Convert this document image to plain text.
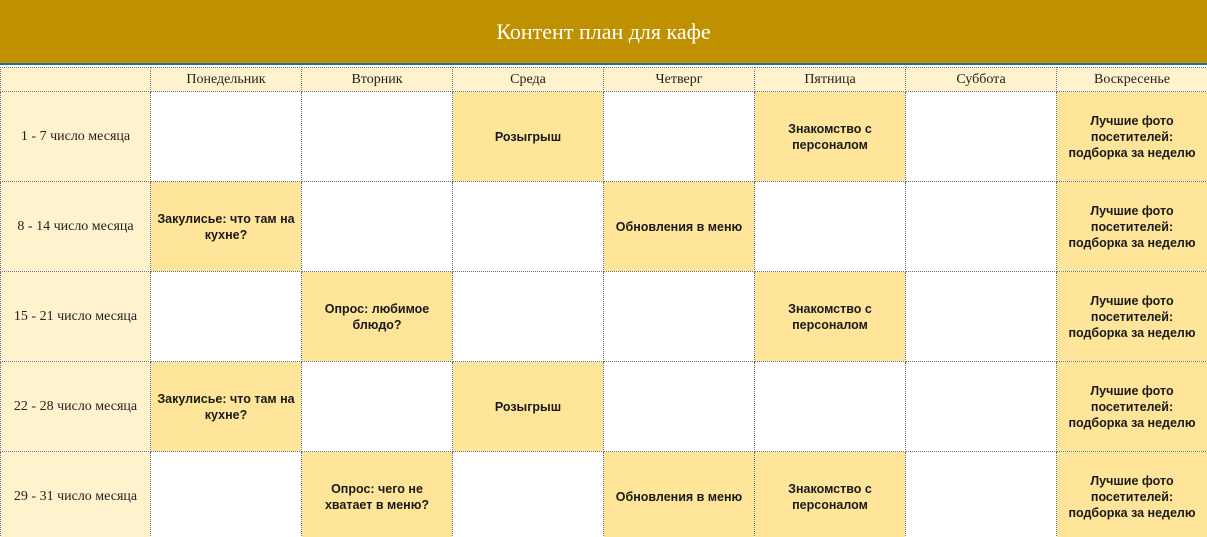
Контент план для кафе
	Понедельник	Вторник	Среда	Четверг	Пятница	Суббота	Воскресенье
1 - 7 число месяца			Розыгрыш		Знакомство с персоналом		Лучшие фото посетителей: подборка за неделю
8 - 14 число месяца	Закулисье: что там на кухне?			Обновления в меню			Лучшие фото посетителей: подборка за неделю
15 - 21 число месяца		Опрос: любимое блюдо?			Знакомство с персоналом		Лучшие фото посетителей: подборка за неделю
22 - 28 число месяца	Закулисье: что там на кухне?		Розыгрыш				Лучшие фото посетителей: подборка за неделю
29 - 31 число месяца		Опрос: чего не хватает в меню?		Обновления в меню	Знакомство с персоналом		Лучшие фото посетителей: подборка за неделю
